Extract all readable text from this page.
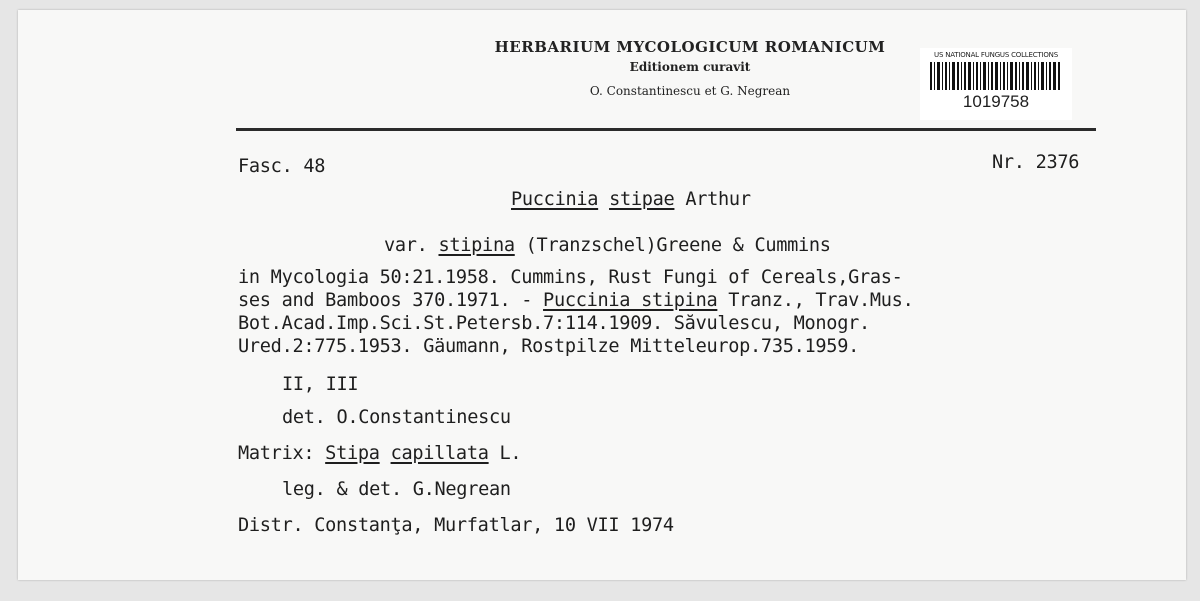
HERBARIUM MYCOLOGICUM ROMANICUM
Editionem curavit
O. Constantinescu et G. Negrean
US NATIONAL FUNGUS COLLECTIONS
1019758
Fasc. 48	Nr. 2376
Puccinia stipae Arthur
var. stipina (Tranzschel)Greene & Cummins
in Mycologia 50:21.1958. Cummins, Rust Fungi of Cereals,Gras-
ses and Bamboos 370.1971. - Puccinia stipina Tranz., Trav.Mus.
Bot.Acad.Imp.Sci.St.Petersb.7:114.1909. Săvulescu, Monogr.
Ured.2:775.1953. Gäumann, Rostpilze Mitteleurop.735.1959.
II, III
det. O.Constantinescu
Matrix: Stipa capillata L.
leg. & det. G.Negrean
Distr. Constanţa, Murfatlar, 10 VII 1974
